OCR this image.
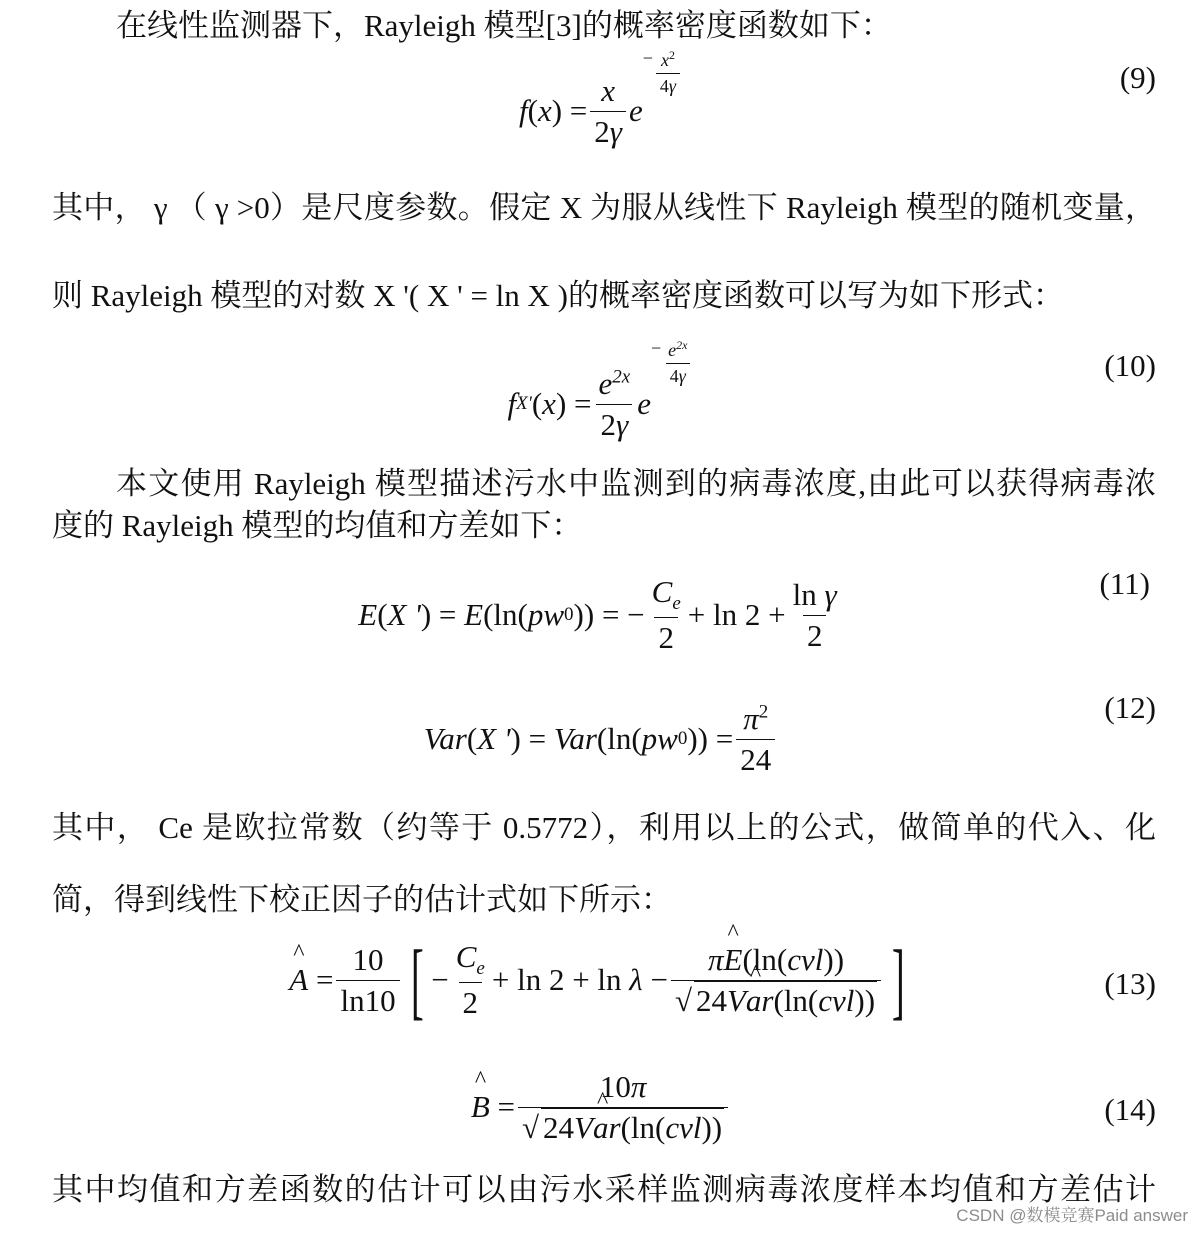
在线性监测器下，Rayleigh 模型[3]的概率密度函数如下：
f ( x ) = $\frac{x}{2\gamma}$ e
− $\frac{x^2}{4\gamma}$	(9)
其中， γ （ γ >0）是尺度参数。假定 X 为服从线性下 Rayleigh 模型的随机变量，
则 Rayleigh 模型的对数 X '( X ' = ln X )的概率密度函数可以写为如下形式：
f X' ( x ) = $\frac{e^{2x}}{2\gamma}$ e
− $\frac{e^{2x}}{4\gamma}$	(10)
本文使用 Rayleigh 模型描述污水中监测到的病毒浓度,由此可以获得病毒浓
度的 Rayleigh 模型的均值和方差如下：
E ( X ' ) = E (ln( pw 0 )) = − $\frac{C_e}{2} + \ln 2 + \frac{\text{ln γ}}{2}$	(11)
Var ( X ' ) = Var (ln( pw 0 )) = $\frac{\pi^2}{24}$	(12)
其中， Ce 是欧拉常数（约等于 0.5772），利用以上的公式，做简单的代入、化
简，得到线性下校正因子的估计式如下所示：
^ $A = \frac{10}{\ln 10}$ [ − $\frac{C_e}{2} + \ln 2 + \ln \lambda - \frac{\text{π\textasciicircum{} E(ln(cvl))}}{\text{√ 24V\textasciicircum{} ar(ln(cvl))}}$ ]	(13)
^ $B = \frac{10\pi}{\text{√ 24V\textasciicircum{} ar(ln(cvl))}}$	(14)
其中均值和方差函数的估计可以由污水采样监测病毒浓度样本均值和方差估计
CSDN @数模竞赛Paid answer
